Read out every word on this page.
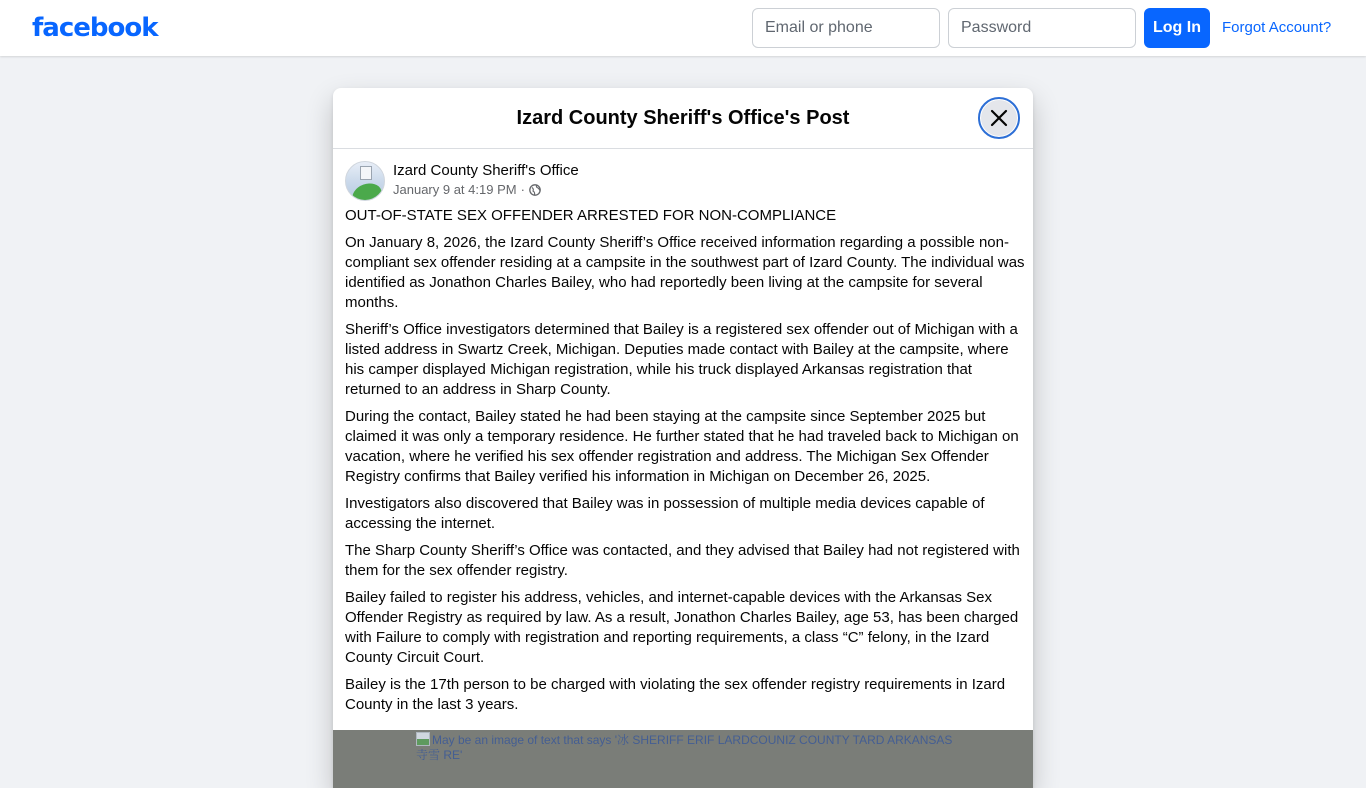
facebook
Email or phone	Log In	Forgot Account?
Izard County Sheriff's Office's Post
Izard County Sheriff's Office
January 9 at 4:19 PM ·

OUT-OF-STATE SEX OFFENDER ARRESTED FOR NON-COMPLIANCE

On January 8, 2026, the Izard County Sheriff’s Office received information regarding a possible non-compliant sex offender residing at a campsite in the southwest part of Izard County. The individual was identified as Jonathon Charles Bailey, who had reportedly been living at the campsite for several months.

Sheriff’s Office investigators determined that Bailey is a registered sex offender out of Michigan with a listed address in Swartz Creek, Michigan. Deputies made contact with Bailey at the campsite, where his camper displayed Michigan registration, while his truck displayed Arkansas registration that returned to an address in Sharp County.

During the contact, Bailey stated he had been staying at the campsite since September 2025 but claimed it was only a temporary residence. He further stated that he had traveled back to Michigan on vacation, where he verified his sex offender registration and address. The Michigan Sex Offender Registry confirms that Bailey verified his information in Michigan on December 26, 2025.

Investigators also discovered that Bailey was in possession of multiple media devices capable of accessing the internet.

The Sharp County Sheriff’s Office was contacted, and they advised that Bailey had not registered with them for the sex offender registry.

Bailey failed to register his address, vehicles, and internet-capable devices with the Arkansas Sex Offender Registry as required by law. As a result, Jonathon Charles Bailey, age 53, has been charged with Failure to comply with registration and reporting requirements, a class “C” felony, in the Izard County Circuit Court.

Bailey is the 17th person to be charged with violating the sex offender registry requirements in Izard County in the last 3 years.

May be an image of text that says '冰 SHERIFF ERIF LARDCOUNIZ COUNTY TARD ARKANSAS 寺雪 RE'
